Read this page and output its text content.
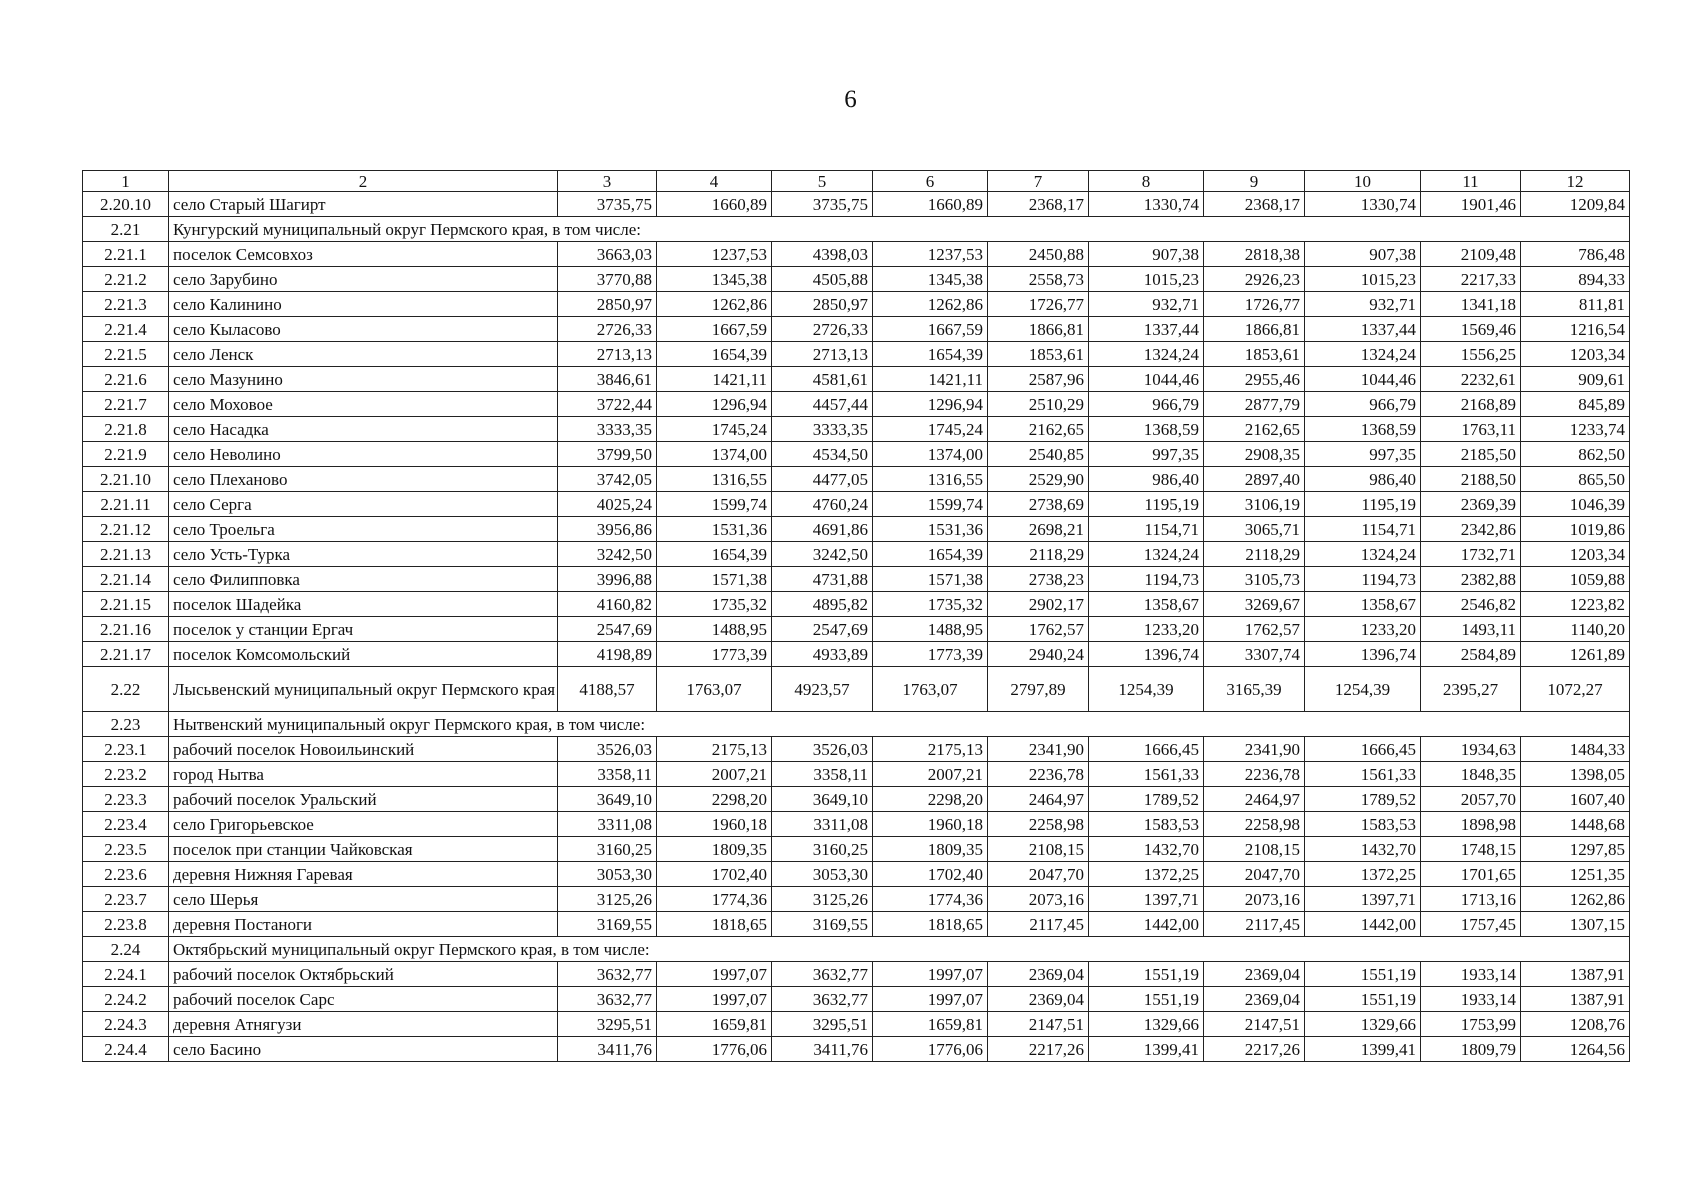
6
1	2	3	4	5	6	7	8	9	10	11	12
2.20.10	село Старый Шагирт	3735,75	1660,89	3735,75	1660,89	2368,17	1330,74	2368,17	1330,74	1901,46	1209,84
2.21	Кунгурский муниципальный округ Пермского края, в том числе:										
2.21.1	поселок Семсовхоз	3663,03	1237,53	4398,03	1237,53	2450,88	907,38	2818,38	907,38	2109,48	786,48
2.21.2	село Зарубино	3770,88	1345,38	4505,88	1345,38	2558,73	1015,23	2926,23	1015,23	2217,33	894,33
2.21.3	село Калинино	2850,97	1262,86	2850,97	1262,86	1726,77	932,71	1726,77	932,71	1341,18	811,81
2.21.4	село Кыласово	2726,33	1667,59	2726,33	1667,59	1866,81	1337,44	1866,81	1337,44	1569,46	1216,54
2.21.5	село Ленск	2713,13	1654,39	2713,13	1654,39	1853,61	1324,24	1853,61	1324,24	1556,25	1203,34
2.21.6	село Мазунино	3846,61	1421,11	4581,61	1421,11	2587,96	1044,46	2955,46	1044,46	2232,61	909,61
2.21.7	село Моховое	3722,44	1296,94	4457,44	1296,94	2510,29	966,79	2877,79	966,79	2168,89	845,89
2.21.8	село Насадка	3333,35	1745,24	3333,35	1745,24	2162,65	1368,59	2162,65	1368,59	1763,11	1233,74
2.21.9	село Неволино	3799,50	1374,00	4534,50	1374,00	2540,85	997,35	2908,35	997,35	2185,50	862,50
2.21.10	село Плеханово	3742,05	1316,55	4477,05	1316,55	2529,90	986,40	2897,40	986,40	2188,50	865,50
2.21.11	село Серга	4025,24	1599,74	4760,24	1599,74	2738,69	1195,19	3106,19	1195,19	2369,39	1046,39
2.21.12	село Троельга	3956,86	1531,36	4691,86	1531,36	2698,21	1154,71	3065,71	1154,71	2342,86	1019,86
2.21.13	село Усть-Турка	3242,50	1654,39	3242,50	1654,39	2118,29	1324,24	2118,29	1324,24	1732,71	1203,34
2.21.14	село Филипповка	3996,88	1571,38	4731,88	1571,38	2738,23	1194,73	3105,73	1194,73	2382,88	1059,88
2.21.15	поселок Шадейка	4160,82	1735,32	4895,82	1735,32	2902,17	1358,67	3269,67	1358,67	2546,82	1223,82
2.21.16	поселок у станции Ергач	2547,69	1488,95	2547,69	1488,95	1762,57	1233,20	1762,57	1233,20	1493,11	1140,20
2.21.17	поселок Комсомольский	4198,89	1773,39	4933,89	1773,39	2940,24	1396,74	3307,74	1396,74	2584,89	1261,89
2.22	Лысьвенский муниципальный округ Пермского края	4188,57	1763,07	4923,57	1763,07	2797,89	1254,39	3165,39	1254,39	2395,27	1072,27
2.23	Нытвенский муниципальный округ Пермского края, в том числе:										
2.23.1	рабочий поселок Новоильинский	3526,03	2175,13	3526,03	2175,13	2341,90	1666,45	2341,90	1666,45	1934,63	1484,33
2.23.2	город Нытва	3358,11	2007,21	3358,11	2007,21	2236,78	1561,33	2236,78	1561,33	1848,35	1398,05
2.23.3	рабочий поселок Уральский	3649,10	2298,20	3649,10	2298,20	2464,97	1789,52	2464,97	1789,52	2057,70	1607,40
2.23.4	село Григорьевское	3311,08	1960,18	3311,08	1960,18	2258,98	1583,53	2258,98	1583,53	1898,98	1448,68
2.23.5	поселок при станции Чайковская	3160,25	1809,35	3160,25	1809,35	2108,15	1432,70	2108,15	1432,70	1748,15	1297,85
2.23.6	деревня Нижняя Гаревая	3053,30	1702,40	3053,30	1702,40	2047,70	1372,25	2047,70	1372,25	1701,65	1251,35
2.23.7	село Шерья	3125,26	1774,36	3125,26	1774,36	2073,16	1397,71	2073,16	1397,71	1713,16	1262,86
2.23.8	деревня Постаноги	3169,55	1818,65	3169,55	1818,65	2117,45	1442,00	2117,45	1442,00	1757,45	1307,15
2.24	Октябрьский муниципальный округ Пермского края, в том числе:										
2.24.1	рабочий поселок Октябрьский	3632,77	1997,07	3632,77	1997,07	2369,04	1551,19	2369,04	1551,19	1933,14	1387,91
2.24.2	рабочий поселок Сарс	3632,77	1997,07	3632,77	1997,07	2369,04	1551,19	2369,04	1551,19	1933,14	1387,91
2.24.3	деревня Атнягузи	3295,51	1659,81	3295,51	1659,81	2147,51	1329,66	2147,51	1329,66	1753,99	1208,76
2.24.4	село Басино	3411,76	1776,06	3411,76	1776,06	2217,26	1399,41	2217,26	1399,41	1809,79	1264,56
